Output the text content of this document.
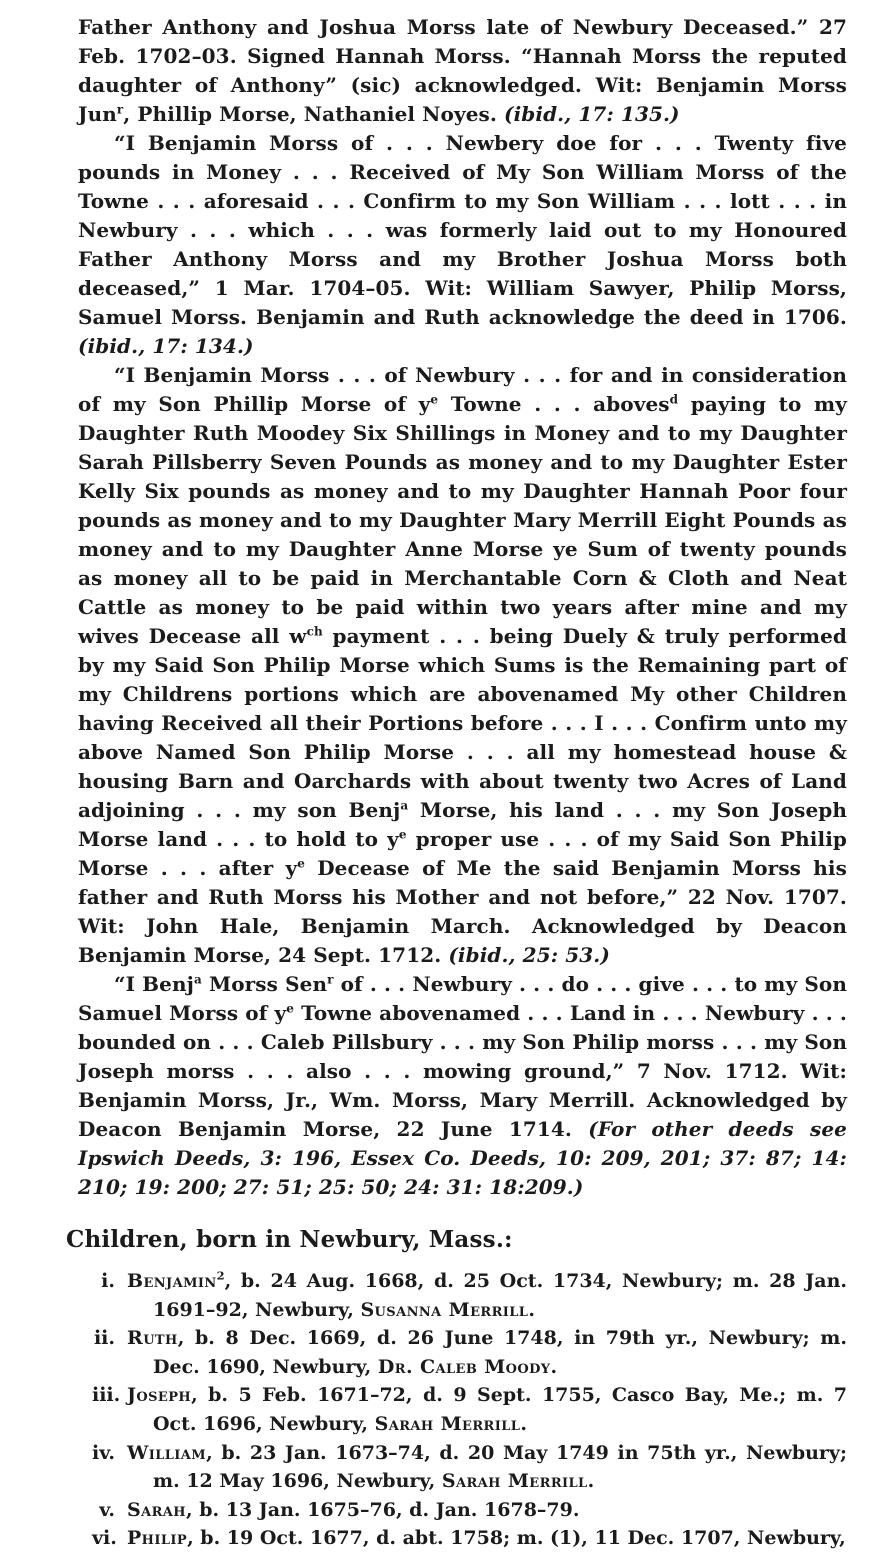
Father Anthony and Joshua Morss late of Newbury Deceased.” 27 Feb. 1702–03. Signed Hannah Morss. “Hannah Morss the reputed daughter of Anthony” (sic) acknowledged. Wit: Benjamin Morss Jun$^r$, Phillip Morse, Nathaniel Noyes. (ibid., 17: 135.)

“I Benjamin Morss of . . . Newbery doe for . . . Twenty five pounds in Money . . . Received of My Son William Morss of the Towne . . . aforesaid . . . Confirm to my Son William . . . lott . . . in Newbury . . . which . . . was formerly laid out to my Honoured Father Anthony Morss and my Brother Joshua Morss both deceased,” 1 Mar. 1704–05. Wit: William Sawyer, Philip Morss, Samuel Morss. Benjamin and Ruth acknowledge the deed in 1706. (ibid., 17: 134.)

“I Benjamin Morss . . . of Newbury . . . for and in consideration of my Son Phillip Morse of $y^e$ Towne . . . aboves$^d$ paying to my Daughter Ruth Moodey Six Shillings in Money and to my Daughter Sarah Pillsberry Seven Pounds as money and to my Daughter Ester Kelly Six pounds as money and to my Daughter Hannah Poor four pounds as money and to my Daughter Mary Merrill Eight Pounds as money and to my Daughter Anne Morse ye Sum of twenty pounds as money all to be paid in Merchantable Corn & Cloth and Neat Cattle as money to be paid within two years after mine and my wives Decease all $w^{ch}$ payment . . . being Duely & truly performed by my Said Son Philip Morse which Sums is the Remaining part of my Childrens portions which are abovenamed My other Children having Received all their Portions before . . . I . . . Confirm unto my above Named Son Philip Morse . . . all my homestead house & housing Barn and Oarchards with about twenty two Acres of Land adjoining . . . my son Benj$^a$ Morse, his land . . . my Son Joseph Morse land . . . to hold to $y^e$ proper use . . . of my Said Son Philip Morse . . . after $y^e$ Decease of Me the said Benjamin Morss his father and Ruth Morss his Mother and not before,” 22 Nov. 1707. Wit: John Hale, Benjamin March. Acknowledged by Deacon Benjamin Morse, 24 Sept. 1712. (ibid., 25: 53.)

“I Benj$^a$ Morss Sen$^r$ of . . . Newbury . . . do . . . give . . . to my Son Samuel Morss of $y^e$ Towne abovenamed . . . Land in . . . Newbury . . . bounded on . . . Caleb Pillsbury . . . my Son Philip morss . . . my Son Joseph morss . . . also . . . mowing ground,” 7 Nov. 1712. Wit: Benjamin Morss, Jr., Wm. Morss, Mary Merrill. Acknowledged by Deacon Benjamin Morse, 22 June 1714. (For other deeds see Ipswich Deeds, 3: 196, Essex Co. Deeds, 10: 209, 201; 37: 87; 14: 210; 19: 200; 27: 51; 25: 50; 24: 31: 18:209.)

Children, born in Newbury, Mass.:

i. Benjamin$^2$, b. 24 Aug. 1668, d. 25 Oct. 1734, Newbury; m. 28 Jan. 1691–92, Newbury, Susanna Merrill.

ii. Ruth, b. 8 Dec. 1669, d. 26 June 1748, in 79th yr., Newbury; m. Dec. 1690, Newbury, Dr. Caleb Moody.

iii. Joseph, b. 5 Feb. 1671–72, d. 9 Sept. 1755, Casco Bay, Me.; m. 7 Oct. 1696, Newbury, Sarah Merrill.

iv. William, b. 23 Jan. 1673–74, d. 20 May 1749 in 75th yr., Newbury; m. 12 May 1696, Newbury, Sarah Merrill.

v. Sarah, b. 13 Jan. 1675–76, d. Jan. 1678–79.

vi. Philip, b. 19 Oct. 1677, d. abt. 1758; m. (1), 11 Dec. 1707, Newbury,
